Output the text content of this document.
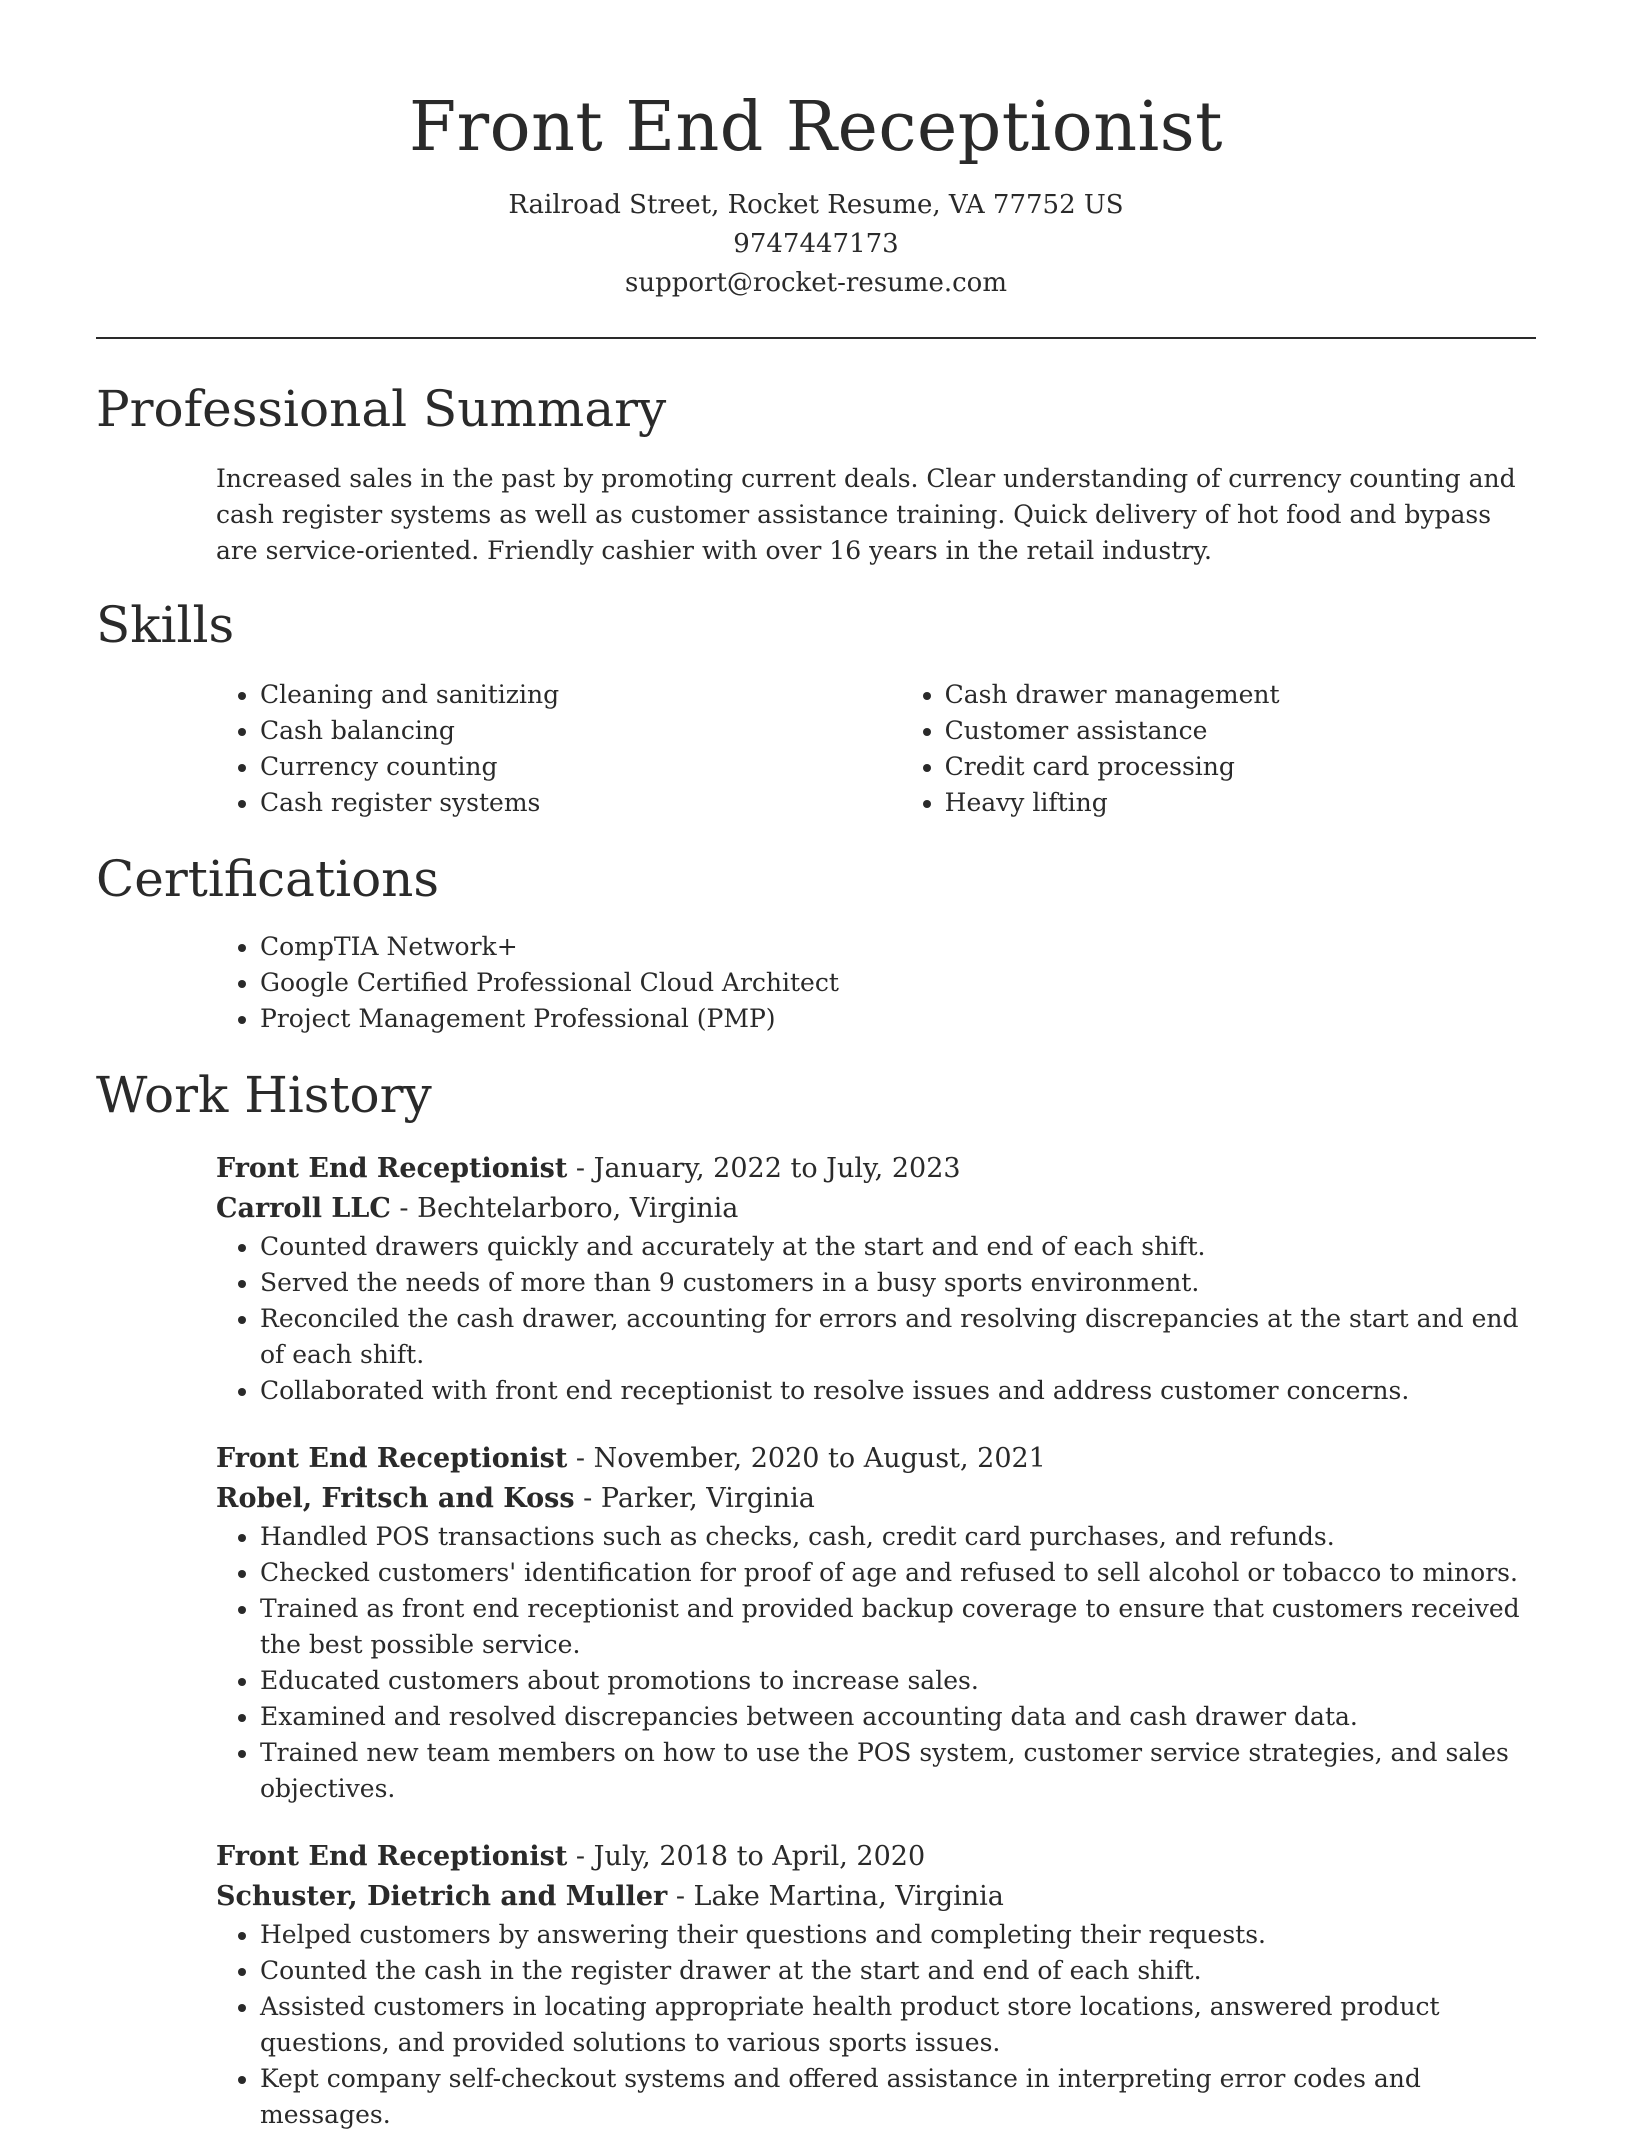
Front End Receptionist

Railroad Street, Rocket Resume, VA 77752 US

9747447173

support@rocket-resume.com

Professional Summary

Increased sales in the past by promoting current deals. Clear understanding of currency counting and cash register systems as well as customer assistance training. Quick delivery of hot food and bypass are service-oriented. Friendly cashier with over 16 years in the retail industry.

Skills
• Cleaning and sanitizing
• Cash balancing
• Currency counting
• Cash register systems
• Cash drawer management
• Customer assistance
• Credit card processing
• Heavy lifting
Certifications
• CompTIA Network+
• Google Certified Professional Cloud Architect
• Project Management Professional (PMP)
Work History

Front End Receptionist - January, 2022 to July, 2023

Carroll LLC - Bechtelarboro, Virginia

• Counted drawers quickly and accurately at the start and end of each shift.
• Served the needs of more than 9 customers in a busy sports environment.
• Reconciled the cash drawer, accounting for errors and resolving discrepancies at the start and end of each shift.
• Collaborated with front end receptionist to resolve issues and address customer concerns.

Front End Receptionist - November, 2020 to August, 2021

Robel, Fritsch and Koss - Parker, Virginia

• Handled POS transactions such as checks, cash, credit card purchases, and refunds.
• Checked customers' identification for proof of age and refused to sell alcohol or tobacco to minors.
• Trained as front end receptionist and provided backup coverage to ensure that customers received the best possible service.
• Educated customers about promotions to increase sales.
• Examined and resolved discrepancies between accounting data and cash drawer data.
• Trained new team members on how to use the POS system, customer service strategies, and sales objectives.

Front End Receptionist - July, 2018 to April, 2020

Schuster, Dietrich and Muller - Lake Martina, Virginia

• Helped customers by answering their questions and completing their requests.
• Counted the cash in the register drawer at the start and end of each shift.
• Assisted customers in locating appropriate health product store locations, answered product questions, and provided solutions to various sports issues.
• Kept company self-checkout systems and offered assistance in interpreting error codes and messages.
